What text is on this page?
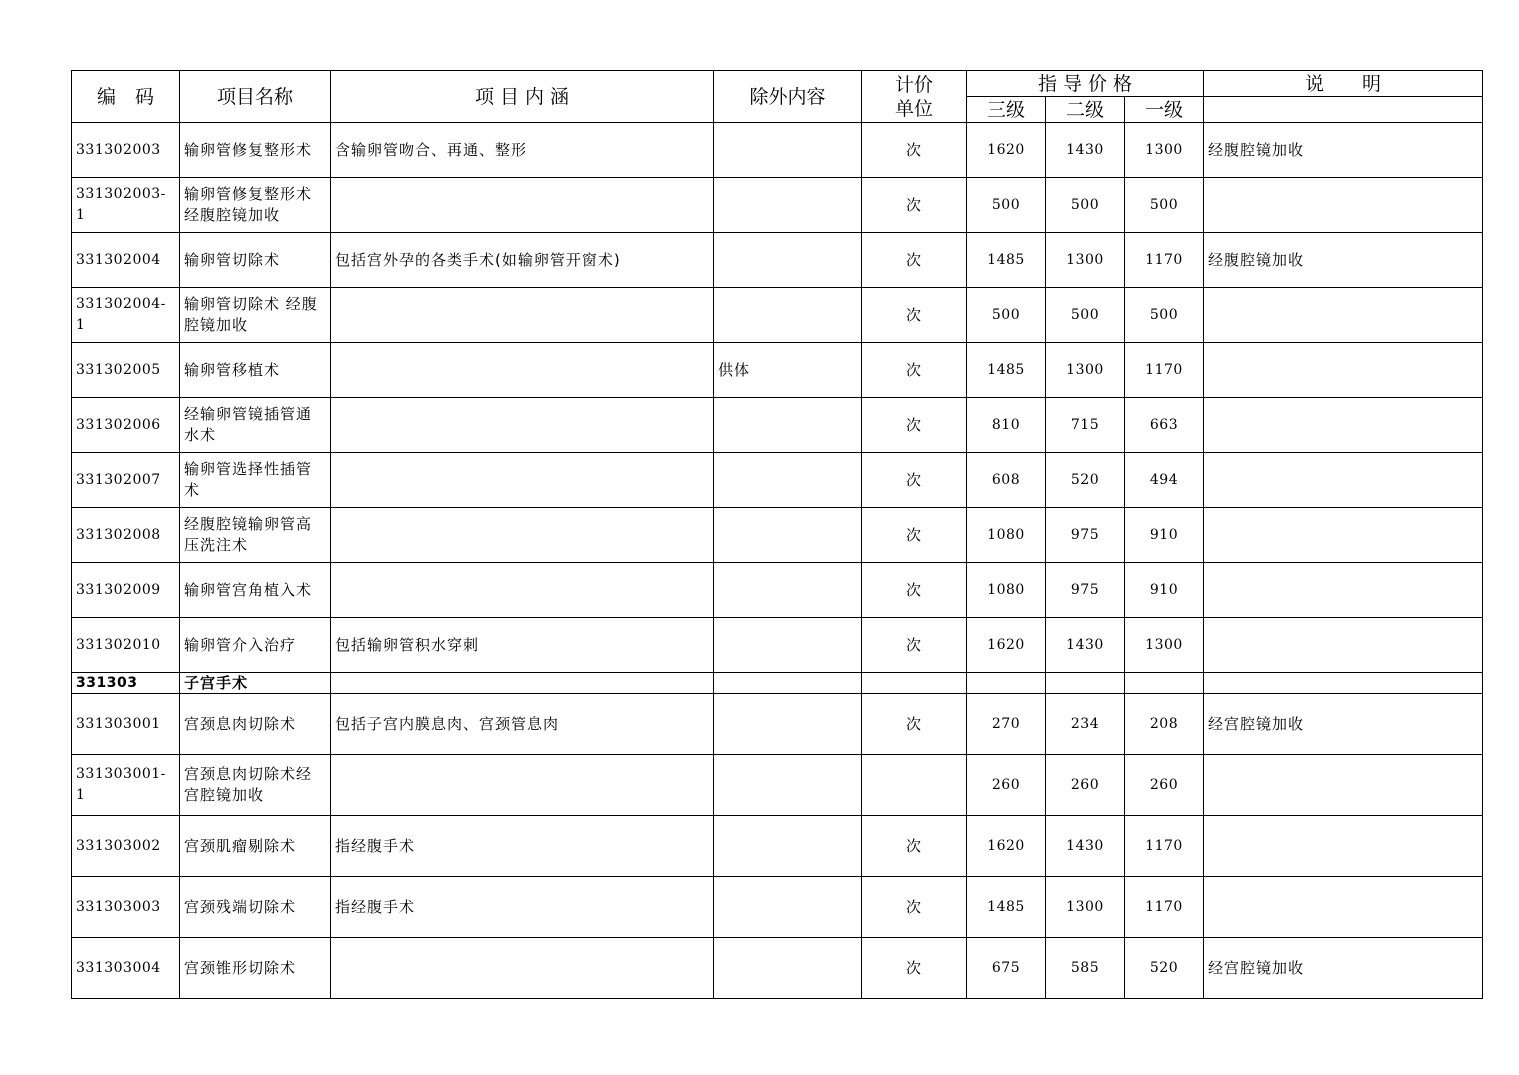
编　码	项目名称	项 目 内 涵	除外内容	计价
单位	指 导 价 格			说　　明
					三级	二级	一级	
331302003	输卵管修复整形术	含输卵管吻合、再通、整形		次	1620	1430	1300	经腹腔镜加收
331302003-1	输卵管修复整形术经腹腔镜加收			次	500	500	500	
331302004	输卵管切除术	包括宫外孕的各类手术(如输卵管开窗术)		次	1485	1300	1170	经腹腔镜加收
331302004-1	输卵管切除术 经腹腔镜加收			次	500	500	500	
331302005	输卵管移植术		供体	次	1485	1300	1170	
331302006	经输卵管镜插管通水术			次	810	715	663	
331302007	输卵管选择性插管术			次	608	520	494	
331302008	经腹腔镜输卵管高压洗注术			次	1080	975	910	
331302009	输卵管宫角植入术			次	1080	975	910	
331302010	输卵管介入治疗	包括输卵管积水穿刺		次	1620	1430	1300	
331303	子宫手术							
331303001	宫颈息肉切除术	包括子宫内膜息肉、宫颈管息肉		次	270	234	208	经宫腔镜加收
331303001-1	宫颈息肉切除术经宫腔镜加收				260	260	260	
331303002	宫颈肌瘤剔除术	指经腹手术		次	1620	1430	1170	
331303003	宫颈残端切除术	指经腹手术		次	1485	1300	1170	
331303004	宫颈锥形切除术			次	675	585	520	经宫腔镜加收
